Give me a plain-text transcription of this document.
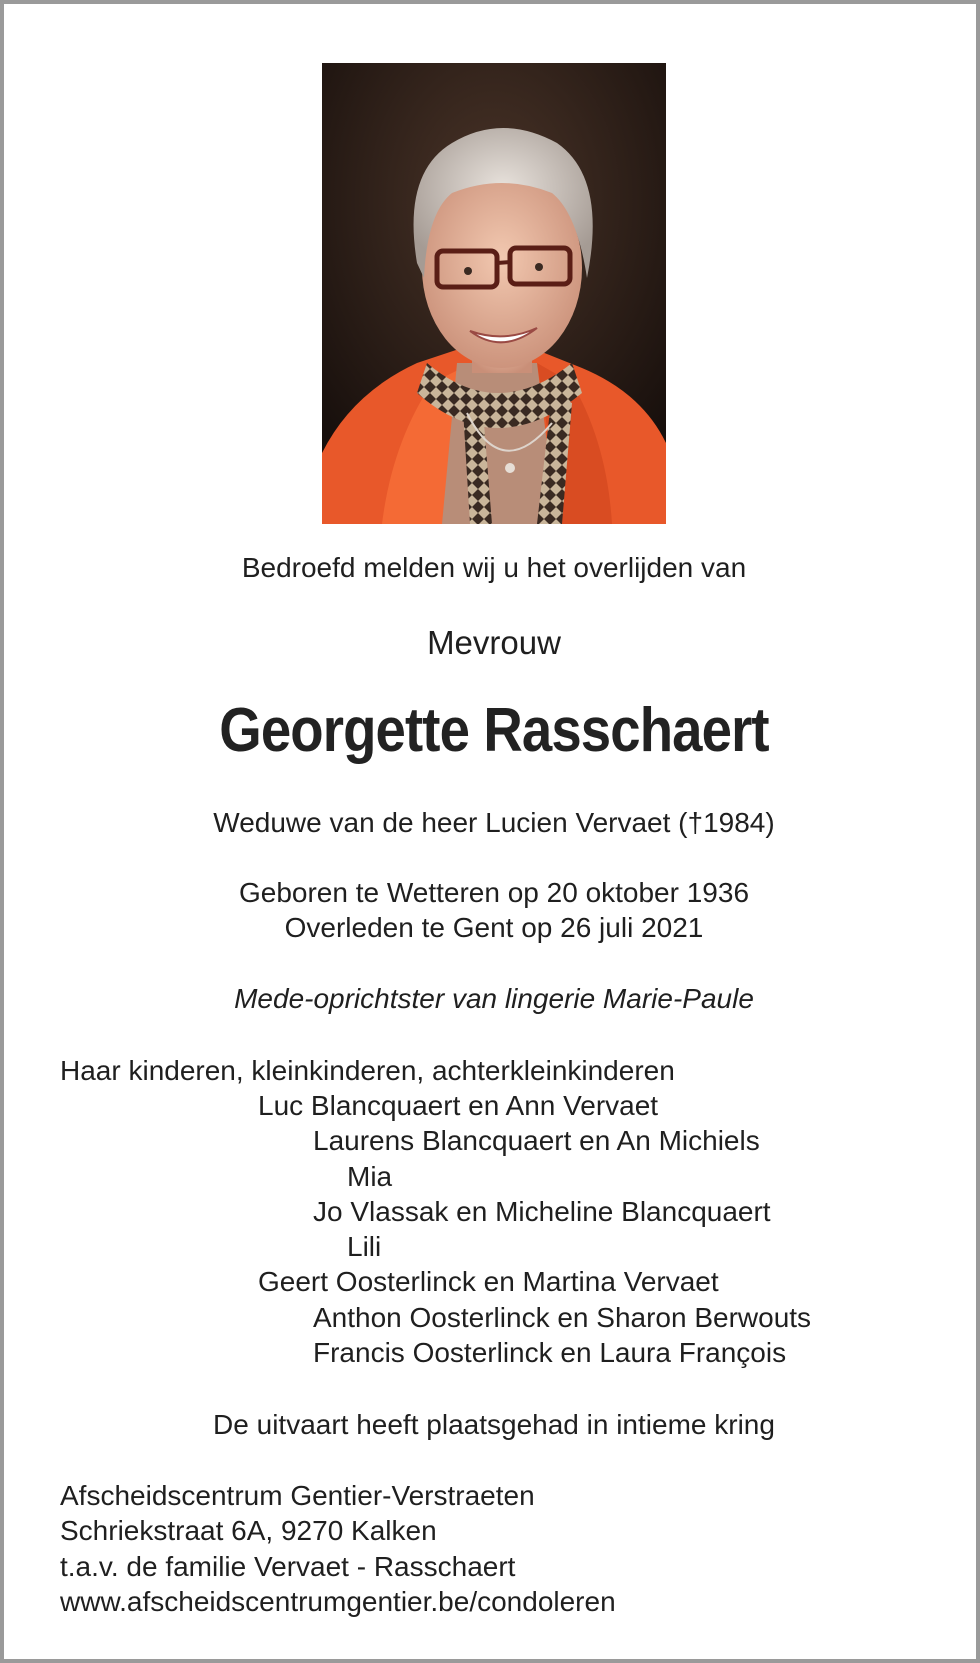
Bedroefd melden wij u het overlijden van
Mevrouw
Georgette Rasschaert
Weduwe van de heer Lucien Vervaet (†1984)
Geboren te Wetteren op 20 oktober 1936
Overleden te Gent op 26 juli 2021
Mede-oprichtster van lingerie Marie-Paule
Haar kinderen, kleinkinderen, achterkleinkinderen
Luc Blancquaert en Ann Vervaet
Laurens Blancquaert en An Michiels
Mia
Jo Vlassak en Micheline Blancquaert
Lili
Geert Oosterlinck en Martina Vervaet
Anthon Oosterlinck en Sharon Berwouts
Francis Oosterlinck en Laura François
De uitvaart heeft plaatsgehad in intieme kring
Afscheidscentrum Gentier-Verstraeten
Schriekstraat 6A, 9270 Kalken
t.a.v. de familie Vervaet - Rasschaert
www.afscheidscentrumgentier.be/condoleren
